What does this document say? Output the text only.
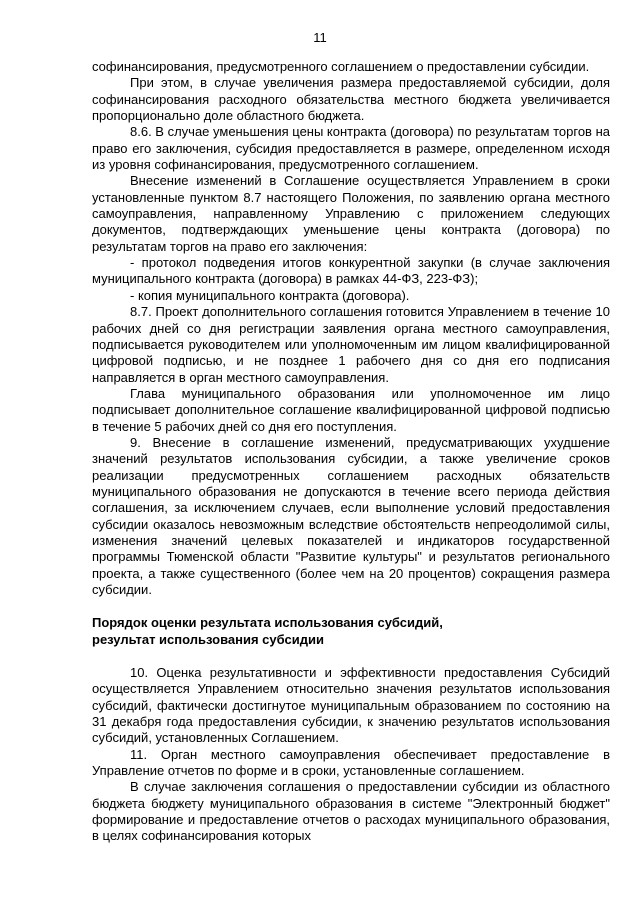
11

софинансирования, предусмотренного соглашением о предоставлении субсидии.

При этом, в случае увеличения размера предоставляемой субсидии, доля софинансирования расходного обязательства местного бюджета увеличивается пропорционально доле областного бюджета.

8.6. В случае уменьшения цены контракта (договора) по результатам торгов на право его заключения, субсидия предоставляется в размере, определенном исходя из уровня софинансирования, предусмотренного соглашением.

Внесение изменений в Соглашение осуществляется Управлением в сроки установленные пунктом 8.7 настоящего Положения, по заявлению органа местного самоуправления, направленному Управлению с приложением следующих документов, подтверждающих уменьшение цены контракта (договора) по результатам торгов на право его заключения:

- протокол подведения итогов конкурентной закупки (в случае заключения муниципального контракта (договора) в рамках 44-ФЗ, 223-ФЗ);

- копия муниципального контракта (договора).

8.7. Проект дополнительного соглашения готовится Управлением в течение 10 рабочих дней со дня регистрации заявления органа местного самоуправления, подписывается руководителем или уполномоченным им лицом квалифицированной цифровой подписью, и не позднее 1 рабочего дня со дня его подписания направляется в орган местного самоуправления.

Глава муниципального образования или уполномоченное им лицо подписывает дополнительное соглашение квалифицированной цифровой подписью в течение 5 рабочих дней со дня его поступления.

9. Внесение в соглашение изменений, предусматривающих ухудшение значений результатов использования субсидии, а также увеличение сроков реализации предусмотренных соглашением расходных обязательств муниципального образования не допускаются в течение всего периода действия соглашения, за исключением случаев, если выполнение условий предоставления субсидии оказалось невозможным вследствие обстоятельств непреодолимой силы, изменения значений целевых показателей и индикаторов государственной программы Тюменской области "Развитие культуры" и результатов регионального проекта, а также существенного (более чем на 20 процентов) сокращения размера субсидии.

Порядок оценки результата использования субсидий,

результат использования субсидии

10. Оценка результативности и эффективности предоставления Субсидий осуществляется Управлением относительно значения результатов использования субсидий, фактически достигнутое муниципальным образованием по состоянию на 31 декабря года предоставления субсидии, к значению результатов использования субсидий, установленных Соглашением.

11. Орган местного самоуправления обеспечивает предоставление в Управление отчетов по форме и в сроки, установленные соглашением.

В случае заключения соглашения о предоставлении субсидии из областного бюджета бюджету муниципального образования в системе "Электронный бюджет" формирование и предоставление отчетов о расходах муниципального образования, в целях софинансирования которых
